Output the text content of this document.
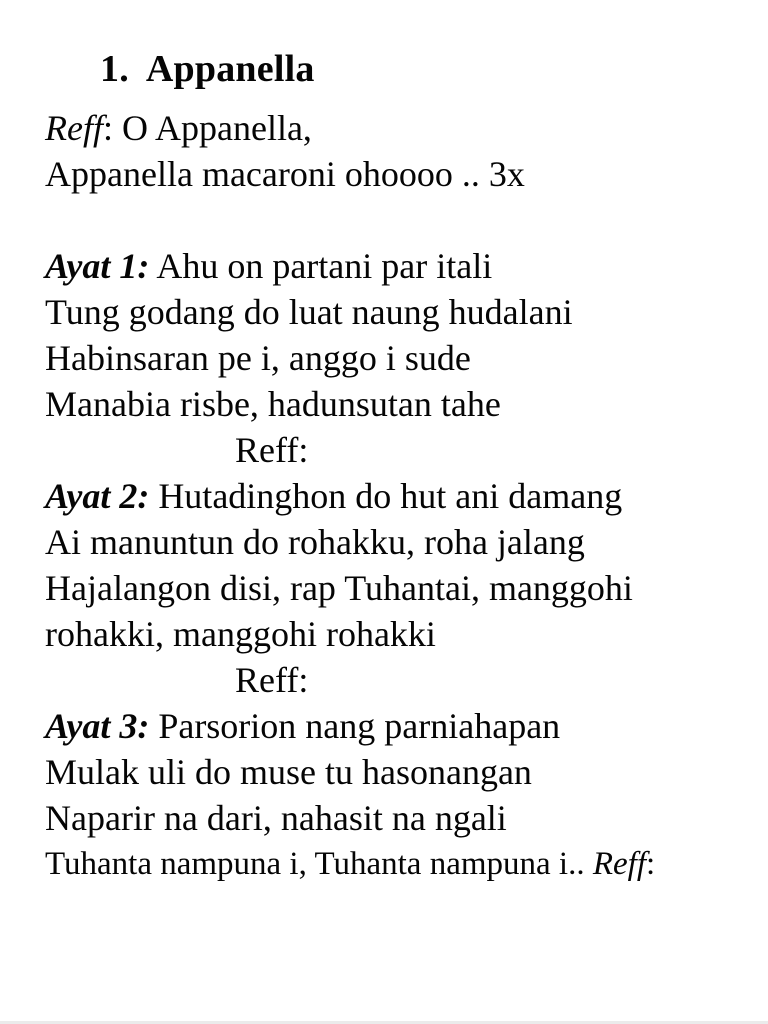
1. Appanella
Reff: O Appanella,
Appanella macaroni ohoooo .. 3x

Ayat 1: Ahu on partani par itali
Tung godang do luat naung hudalani
Habinsaran pe i, anggo i sude
Manabia risbe, hadunsutan tahe
Reff:
Ayat 2: Hutadinghon do hut ani damang
Ai manuntun do rohakku, roha jalang
Hajalangon disi, rap Tuhantai, manggohi
rohakki, manggohi rohakki
Reff:
Ayat 3: Parsorion nang parniahapan
Mulak uli do muse tu hasonangan
Naparir na dari, nahasit na ngali
Tuhanta nampuna i, Tuhanta nampuna i.. Reff:
